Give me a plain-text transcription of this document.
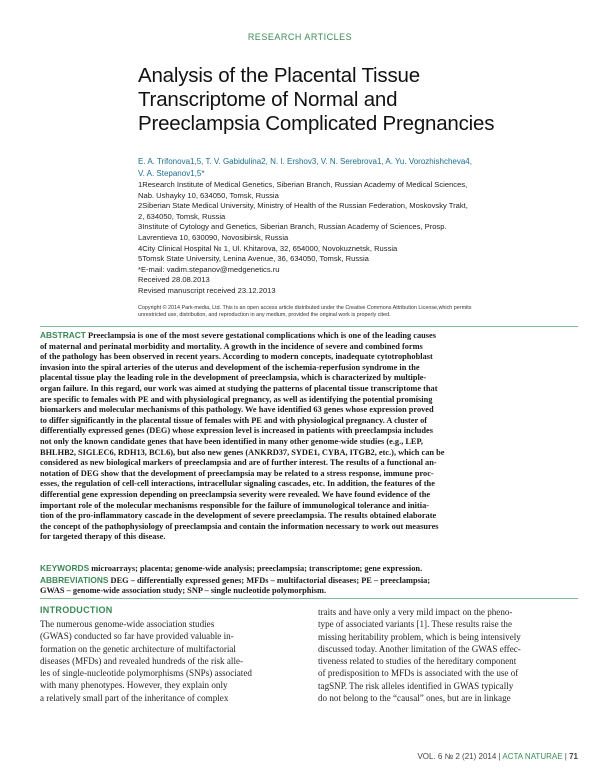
RESEARCH ARTICLES
Analysis of the Placental Tissue
Transcriptome of Normal and
Preeclampsia Complicated Pregnancies
E. A. Trifonova1,5, T. V. Gabidulina2, N. I. Ershov3, V. N. Serebrova1, A. Yu. Vorozhishcheva4,
V. A. Stepanov1,5*
1Research Institute of Medical Genetics, Siberian Branch, Russian Academy of Medical Sciences,
Nab. Ushayky 10, 634050, Tomsk, Russia
2Siberian State Medical University, Ministry of Health of the Russian Federation, Moskovsky Trakt,
2, 634050, Tomsk, Russia
3Institute of Cytology and Genetics, Siberian Branch, Russian Academy of Sciences, Prosp.
Lavrentieva 10, 630090, Novosibirsk, Russia
4City Clinical Hospital № 1, Ul. Khitarova, 32, 654000, Novokuznetsk, Russia
5Tomsk State University, Lenina Avenue, 36, 634050, Tomsk, Russia
*E-mail: vadim.stepanov@medgenetics.ru
Received 28.08.2013
Revised manuscript received 23.12.2013
Copyright © 2014 Park-media, Ltd. This is an open access article distributed under the Creative Commons Attribution License,which permits
unrestricted use, distribution, and reproduction in any medium, provided the original work is properly cited.
ABSTRACT Preeclampsia is one of the most severe gestational complications which is one of the leading causes
of maternal and perinatal morbidity and mortality. A growth in the incidence of severe and combined forms
of the pathology has been observed in recent years. According to modern concepts, inadequate cytotrophoblast
invasion into the spiral arteries of the uterus and development of the ischemia-reperfusion syndrome in the
placental tissue play the leading role in the development of preeclampsia, which is characterized by multiple-
organ failure. In this regard, our work was aimed at studying the patterns of placental tissue transcriptome that
are specific to females with PE and with physiological pregnancy, as well as identifying the potential promising
biomarkers and molecular mechanisms of this pathology. We have identified 63 genes whose expression proved
to differ significantly in the placental tissue of females with PE and with physiological pregnancy. A cluster of
differentially expressed genes (DEG) whose expression level is increased in patients with preeclampsia includes
not only the known candidate genes that have been identified in many other genome-wide studies (e.g., LEP,
BHLHB2, SIGLEC6, RDH13, BCL6), but also new genes (ANKRD37, SYDE1, CYBA, ITGB2, etc.), which can be
considered as new biological markers of preeclampsia and are of further interest. The results of a functional an-
notation of DEG show that the development of preeclampsia may be related to a stress response, immune proc-
esses, the regulation of cell-cell interactions, intracellular signaling cascades, etc. In addition, the features of the
differential gene expression depending on preeclampsia severity were revealed. We have found evidence of the
important role of the molecular mechanisms responsible for the failure of immunological tolerance and initia-
tion of the pro-inflammatory cascade in the development of severe preeclampsia. The results obtained elaborate
the concept of the pathophysiology of preeclampsia and contain the information necessary to work out measures
for targeted therapy of this disease.
KEYWORDS microarrays; placenta; genome-wide analysis; preeclampsia; transcriptome; gene expression.
ABBREVIATIONS DEG – differentially expressed genes; MFDs – multifactorial diseases; PE – preeclampsia;
GWAS – genome-wide association study; SNP – single nucleotide polymorphism.
INTRODUCTION
The numerous genome-wide association studies
(GWAS) conducted so far have provided valuable in-
formation on the genetic architecture of multifactorial
diseases (MFDs) and revealed hundreds of the risk alle-
les of single-nucleotide polymorphisms (SNPs) associated
with many phenotypes. However, they explain only
a relatively small part of the inheritance of complex
traits and have only a very mild impact on the pheno-
type of associated variants [1]. These results raise the
missing heritability problem, which is being intensively
discussed today. Another limitation of the GWAS effec-
tiveness related to studies of the hereditary component
of predisposition to MFDs is associated with the use of
tagSNP. The risk alleles identified in GWAS typically
do not belong to the “causal” ones, but are in linkage
VOL. 6 № 2 (21) 2014 | ACTA NATURAE | 71
